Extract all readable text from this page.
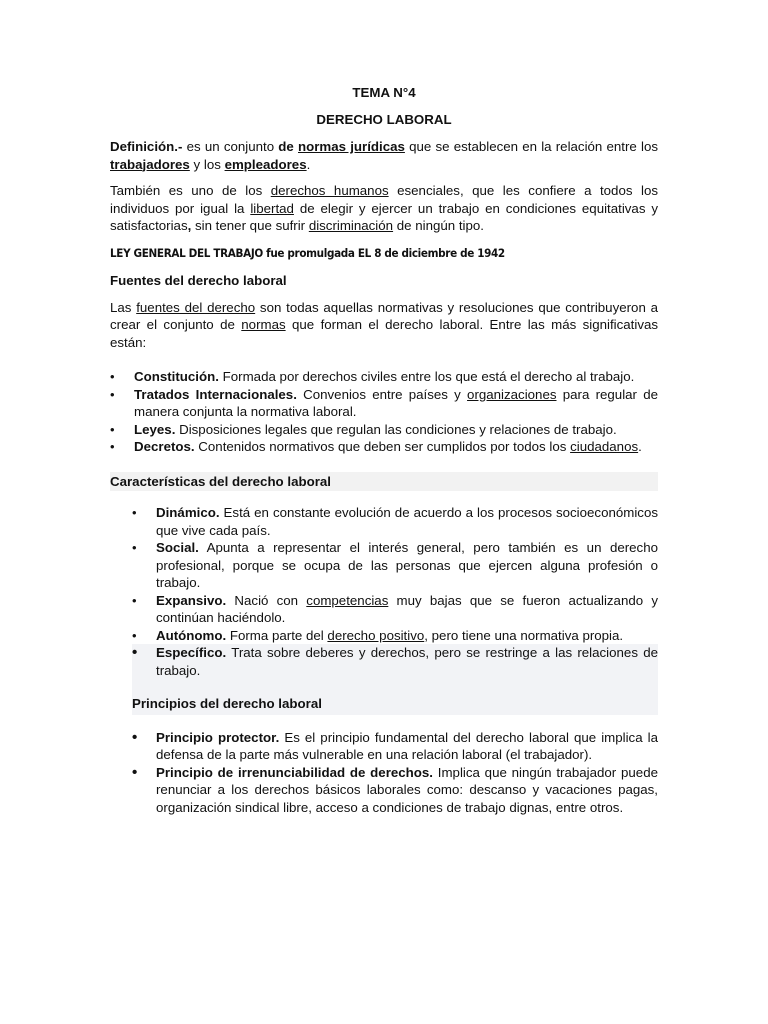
TEMA N°4

DERECHO LABORAL

Definición.- es un conjunto de normas jurídicas que se establecen en la relación entre los trabajadores y los empleadores.

También es uno de los derechos humanos esenciales, que les confiere a todos los individuos por igual la libertad de elegir y ejercer un trabajo en condiciones equitativas y satisfactorias, sin tener que sufrir discriminación de ningún tipo.

LEY GENERAL DEL TRABAJO fue promulgada EL 8 de diciembre de 1942

Fuentes del derecho laboral

Las fuentes del derecho son todas aquellas normativas y resoluciones que contribuyeron a crear el conjunto de normas que forman el derecho laboral. Entre las más significativas están:

• Constitución. Formada por derechos civiles entre los que está el derecho al trabajo.
• Tratados Internacionales. Convenios entre países y organizaciones para regular de manera conjunta la normativa laboral.
• Leyes. Disposiciones legales que regulan las condiciones y relaciones de trabajo.
• Decretos. Contenidos normativos que deben ser cumplidos por todos los ciudadanos.

Características del derecho laboral

• Dinámico. Está en constante evolución de acuerdo a los procesos socioeconómicos que vive cada país.
• Social. Apunta a representar el interés general, pero también es un derecho profesional, porque se ocupa de las personas que ejercen alguna profesión o trabajo.
• Expansivo. Nació con competencias muy bajas que se fueron actualizando y continúan haciéndolo.
• Autónomo. Forma parte del derecho positivo, pero tiene una normativa propia.
• Específico. Trata sobre deberes y derechos, pero se restringe a las relaciones de trabajo.

Principios del derecho laboral

• Principio protector. Es el principio fundamental del derecho laboral que implica la defensa de la parte más vulnerable en una relación laboral (el trabajador).
• Principio de irrenunciabilidad de derechos. Implica que ningún trabajador puede renunciar a los derechos básicos laborales como: descanso y vacaciones pagas, organización sindical libre, acceso a condiciones de trabajo dignas, entre otros.
